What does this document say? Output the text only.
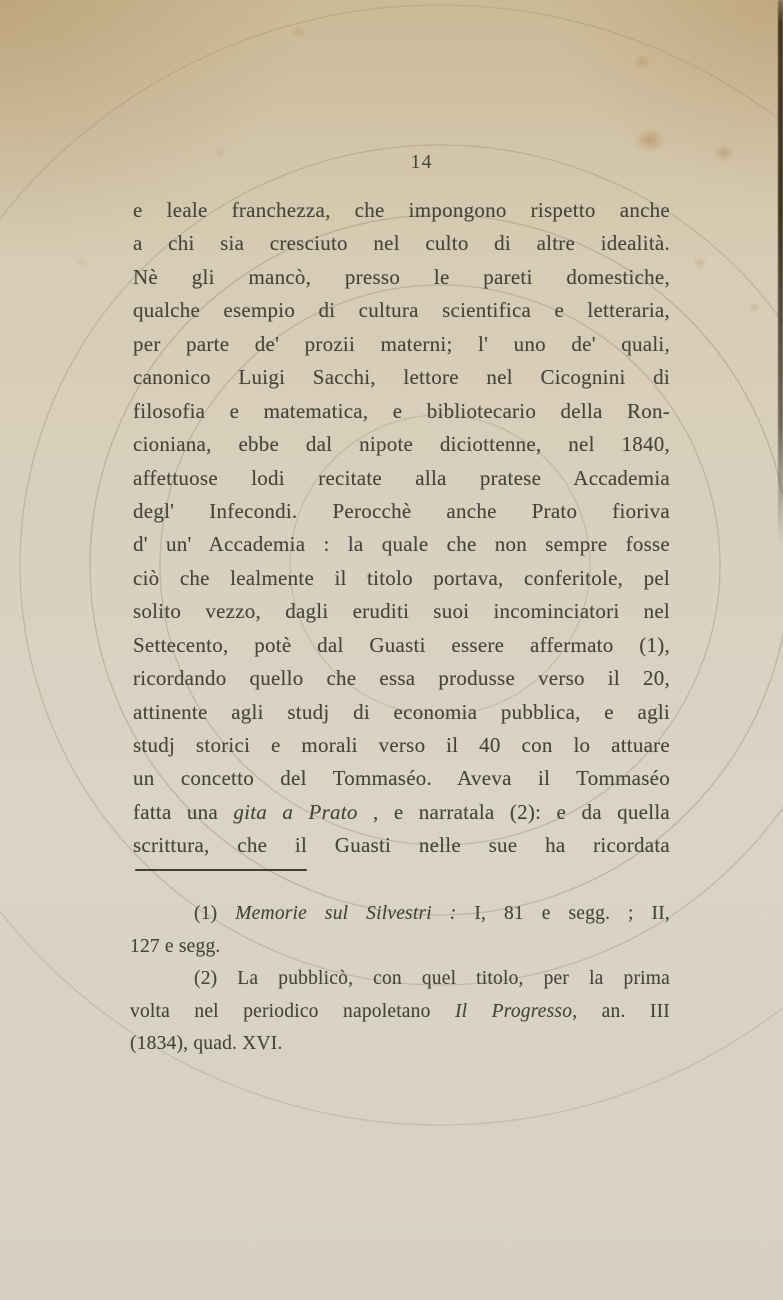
14
e leale franchezza, che impongono rispetto anche
a chi sia cresciuto nel culto di altre idealità.
Nè gli mancò, presso le pareti domestiche,
qualche esempio di cultura scientifica e letteraria,
per parte de' prozii materni; l' uno de' quali,
canonico Luigi Sacchi, lettore nel Cicognini di
filosofia e matematica, e bibliotecario della Ron-
cioniana, ebbe dal nipote diciottenne, nel 1840,
affettuose lodi recitate alla pratese Accademia
degl' Infecondi. Perocchè anche Prato fioriva
d' un' Accademia : la quale che non sempre fosse
ciò che lealmente il titolo portava, conferitole, pel
solito vezzo, dagli eruditi suoi incominciatori nel
Settecento, potè dal Guasti essere affermato (1),
ricordando quello che essa produsse verso il 20,
attinente agli studj di economia pubblica, e agli
studj storici e morali verso il 40 con lo attuare
un concetto del Tommaséo. Aveva il Tommaséo
fatta una gita a Prato , e narratala (2): e da quella
scrittura, che il Guasti nelle sue ha ricordata
(1) Memorie sul Silvestri : I, 81 e segg. ; II,
127 e segg.
(2) La pubblicò, con quel titolo, per la prima
volta nel periodico napoletano Il Progresso, an. III
(1834), quad. XVI.
